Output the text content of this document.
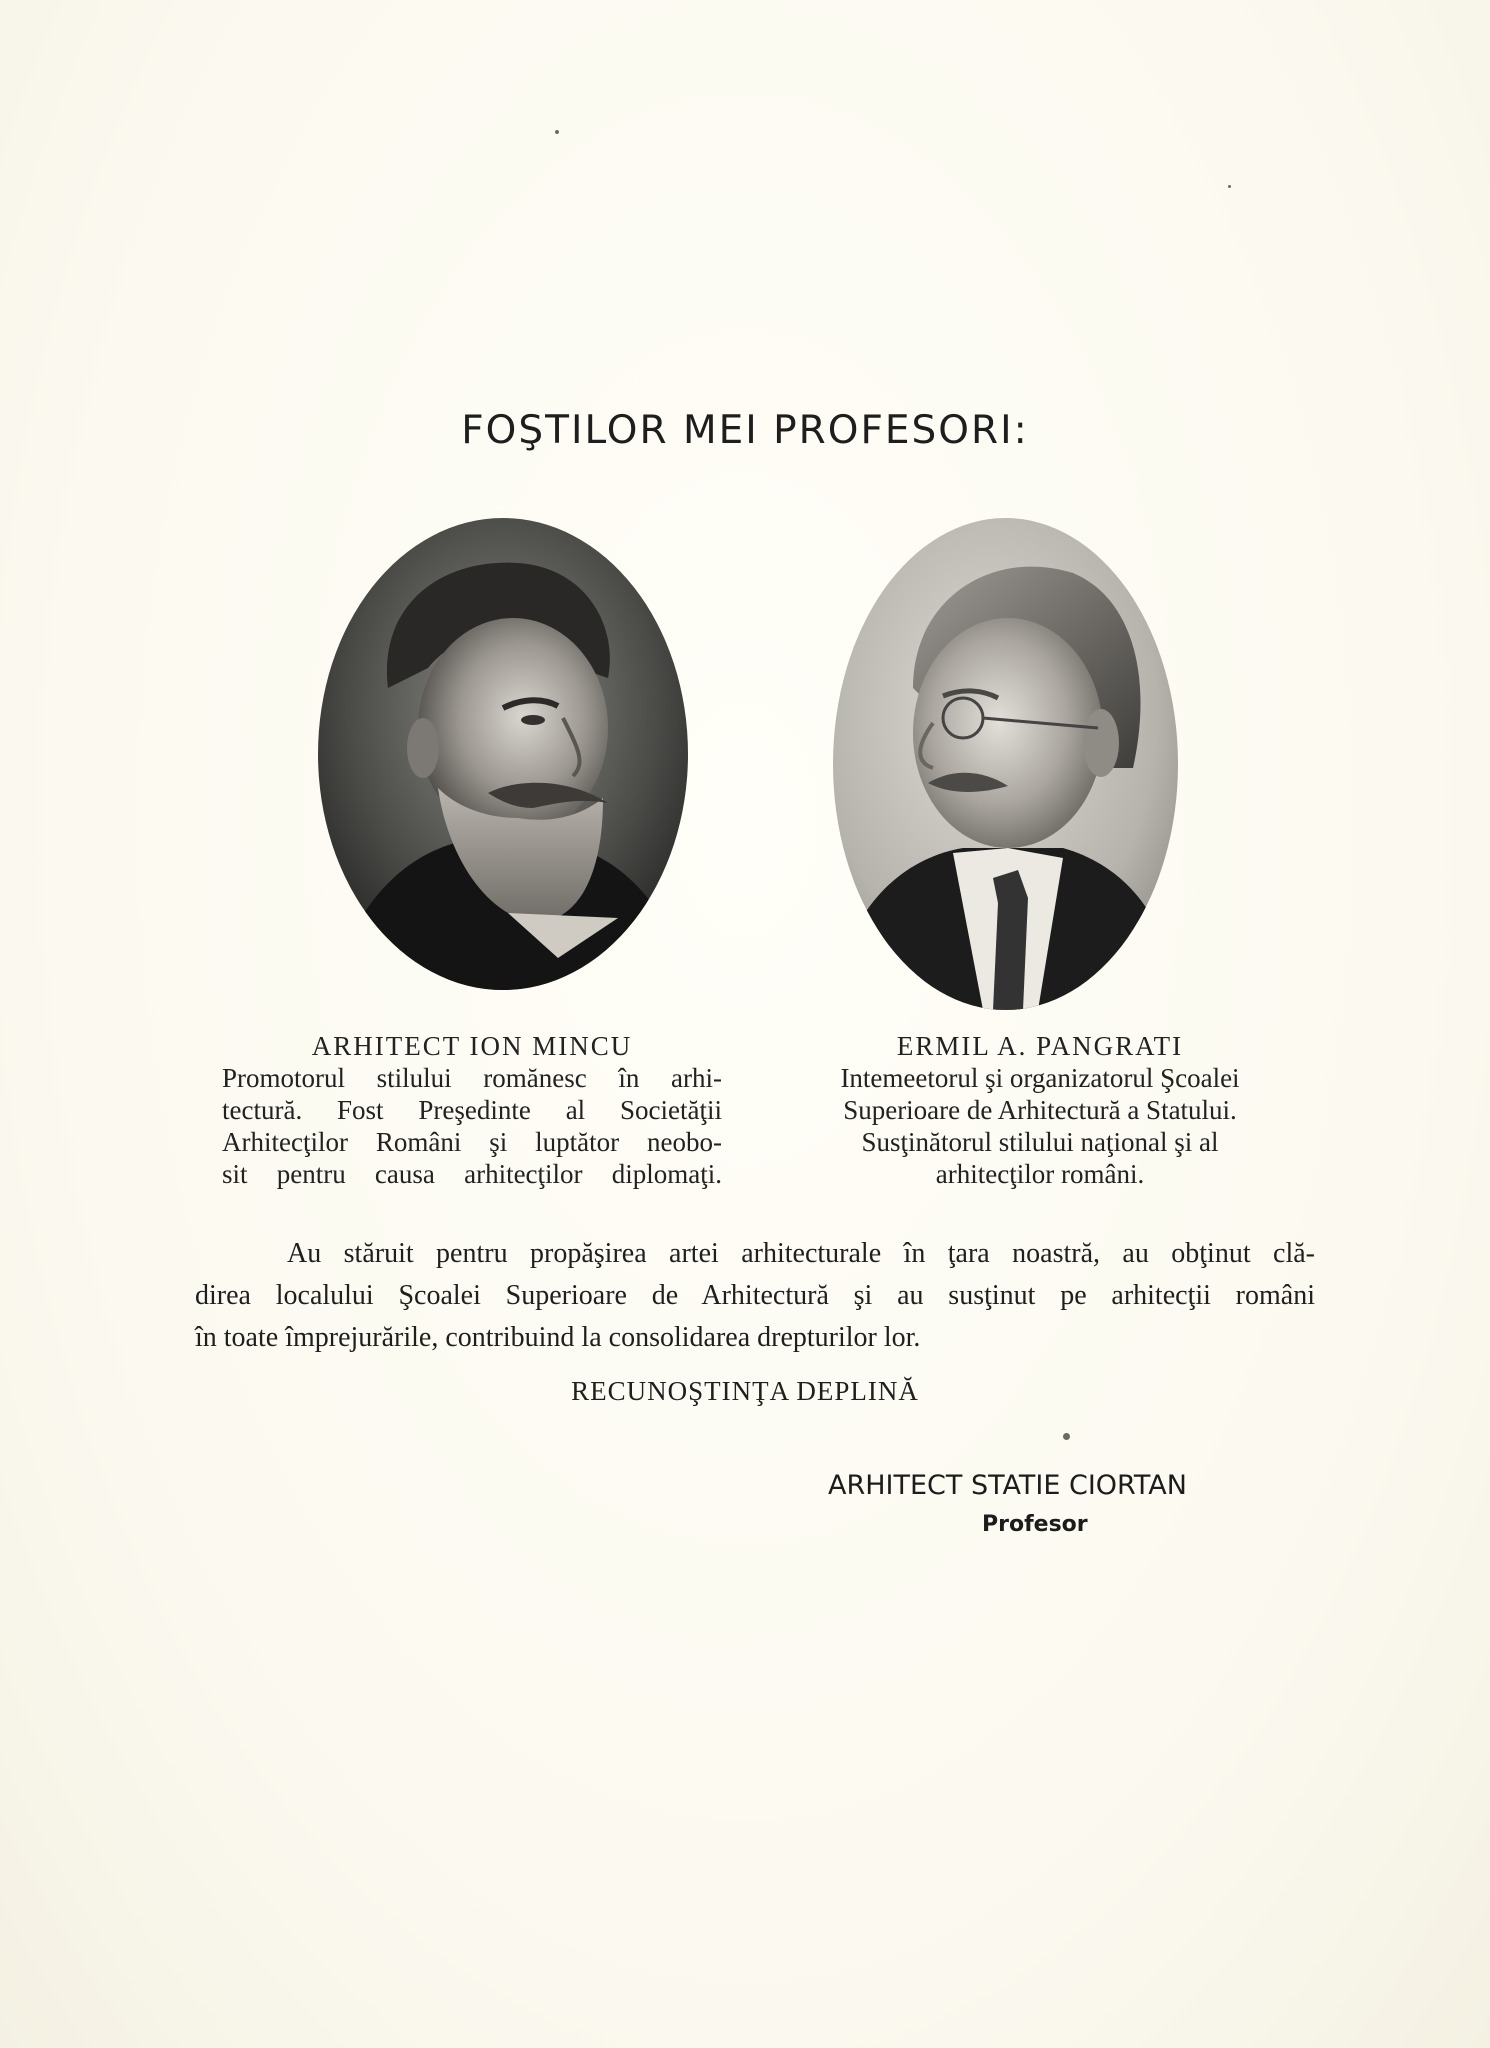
FOŞTILOR MEI PROFESORI:
ARHITECT ION MINCU
Promotorul stilului romănesc în arhi-
tectură. Fost Preşedinte al Societăţii
Arhitecţilor Români şi luptător neobo-
sit pentru causa arhitecţilor diplomaţi.
ERMIL A. PANGRATI
Intemeetorul şi organizatorul Şcoalei
Superioare de Arhitectură a Statului.
Susţinătorul stilului naţional şi al
arhitecţilor români.
Au stăruit pentru propăşirea artei arhitecturale în ţara noastră, au obţinut clă-
direa localului Şcoalei Superioare de Arhitectură şi au susţinut pe arhitecţii români
în toate împrejurările, contribuind la consolidarea drepturilor lor.
RECUNOŞTINŢA DEPLINĂ
ARHITECT STATIE CIORTAN
Profesor
